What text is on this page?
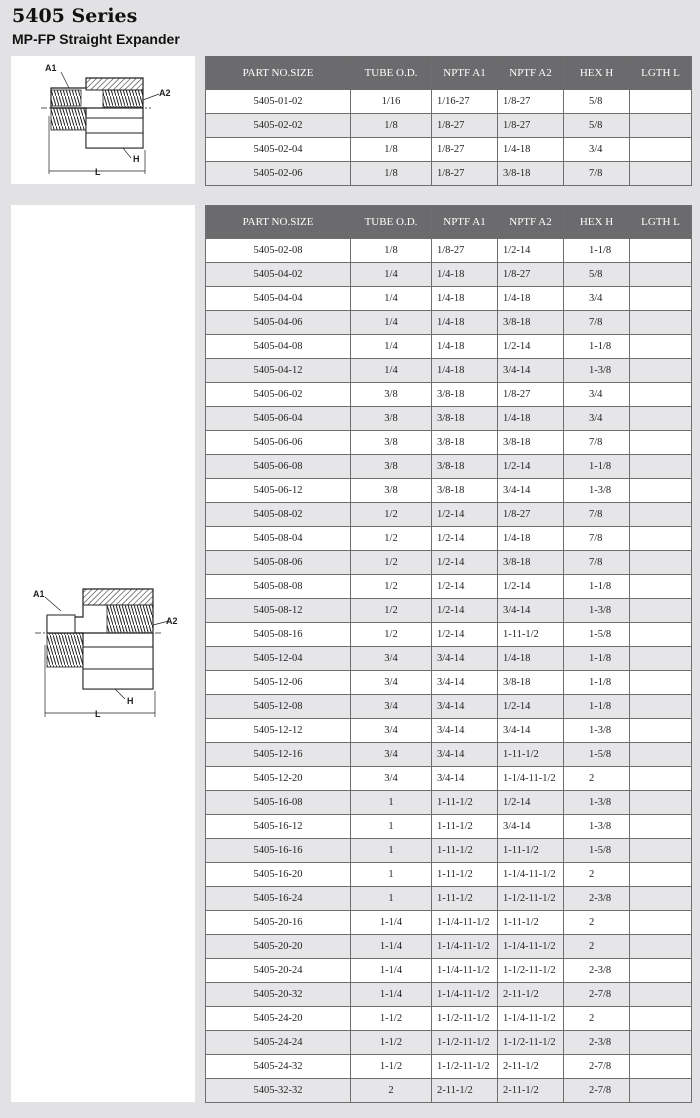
5405 Series
MP-FP Straight Expander
A1
A2
H
L
A1
A2
H
L
PART NO.SIZE	TUBE O.D.	NPTF A1	NPTF A2	HEX H	LGTH L
5405-01-02	1/16	1/16-27	1/8-27	5/8	
5405-02-02	1/8	1/8-27	1/8-27	5/8	
5405-02-04	1/8	1/8-27	1/4-18	3/4	
5405-02-06	1/8	1/8-27	3/8-18	7/8	
PART NO.SIZE	TUBE O.D.	NPTF A1	NPTF A2	HEX H	LGTH L
5405-02-08	1/8	1/8-27	1/2-14	1-1/8	
5405-04-02	1/4	1/4-18	1/8-27	5/8	
5405-04-04	1/4	1/4-18	1/4-18	3/4	
5405-04-06	1/4	1/4-18	3/8-18	7/8	
5405-04-08	1/4	1/4-18	1/2-14	1-1/8	
5405-04-12	1/4	1/4-18	3/4-14	1-3/8	
5405-06-02	3/8	3/8-18	1/8-27	3/4	
5405-06-04	3/8	3/8-18	1/4-18	3/4	
5405-06-06	3/8	3/8-18	3/8-18	7/8	
5405-06-08	3/8	3/8-18	1/2-14	1-1/8	
5405-06-12	3/8	3/8-18	3/4-14	1-3/8	
5405-08-02	1/2	1/2-14	1/8-27	7/8	
5405-08-04	1/2	1/2-14	1/4-18	7/8	
5405-08-06	1/2	1/2-14	3/8-18	7/8	
5405-08-08	1/2	1/2-14	1/2-14	1-1/8	
5405-08-12	1/2	1/2-14	3/4-14	1-3/8	
5405-08-16	1/2	1/2-14	1-11-1/2	1-5/8	
5405-12-04	3/4	3/4-14	1/4-18	1-1/8	
5405-12-06	3/4	3/4-14	3/8-18	1-1/8	
5405-12-08	3/4	3/4-14	1/2-14	1-1/8	
5405-12-12	3/4	3/4-14	3/4-14	1-3/8	
5405-12-16	3/4	3/4-14	1-11-1/2	1-5/8	
5405-12-20	3/4	3/4-14	1-1/4-11-1/2	2	
5405-16-08	1	1-11-1/2	1/2-14	1-3/8	
5405-16-12	1	1-11-1/2	3/4-14	1-3/8	
5405-16-16	1	1-11-1/2	1-11-1/2	1-5/8	
5405-16-20	1	1-11-1/2	1-1/4-11-1/2	2	
5405-16-24	1	1-11-1/2	1-1/2-11-1/2	2-3/8	
5405-20-16	1-1/4	1-1/4-11-1/2	1-11-1/2	2	
5405-20-20	1-1/4	1-1/4-11-1/2	1-1/4-11-1/2	2	
5405-20-24	1-1/4	1-1/4-11-1/2	1-1/2-11-1/2	2-3/8	
5405-20-32	1-1/4	1-1/4-11-1/2	2-11-1/2	2-7/8	
5405-24-20	1-1/2	1-1/2-11-1/2	1-1/4-11-1/2	2	
5405-24-24	1-1/2	1-1/2-11-1/2	1-1/2-11-1/2	2-3/8	
5405-24-32	1-1/2	1-1/2-11-1/2	2-11-1/2	2-7/8	
5405-32-32	2	2-11-1/2	2-11-1/2	2-7/8	
